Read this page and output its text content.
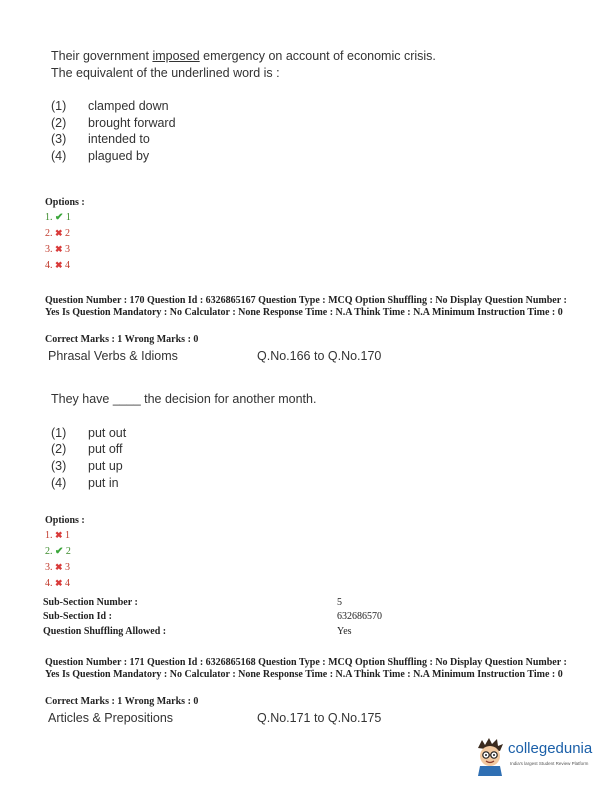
Their government imposed emergency on account of economic crisis.
The equivalent of the underlined word is :
(1) clamped down
(2) brought forward
(3) intended to
(4) plagued by
Options :
1. ✔ 1
2. ✖ 2
3. ✖ 3
4. ✖ 4
Question Number : 170 Question Id : 6326865167 Question Type : MCQ Option Shuffling : No Display Question Number : Yes Is Question Mandatory : No Calculator : None Response Time : N.A Think Time : N.A Minimum Instruction Time : 0
Correct Marks : 1 Wrong Marks : 0
Phrasal Verbs & Idioms	Q.No.166 to Q.No.170
They have ____ the decision for another month.
(1) put out
(2) put off
(3) put up
(4) put in
Options :
1. ✖ 1
2. ✔ 2
3. ✖ 3
4. ✖ 4
Sub-Section Number :	5
Sub-Section Id :	632686570
Question Shuffling Allowed :	Yes
Question Number : 171 Question Id : 6326865168 Question Type : MCQ Option Shuffling : No Display Question Number : Yes Is Question Mandatory : No Calculator : None Response Time : N.A Think Time : N.A Minimum Instruction Time : 0
Correct Marks : 1 Wrong Marks : 0
Articles & Prepositions	Q.No.171 to Q.No.175
collegedunia
India's largest Student Review Platform
